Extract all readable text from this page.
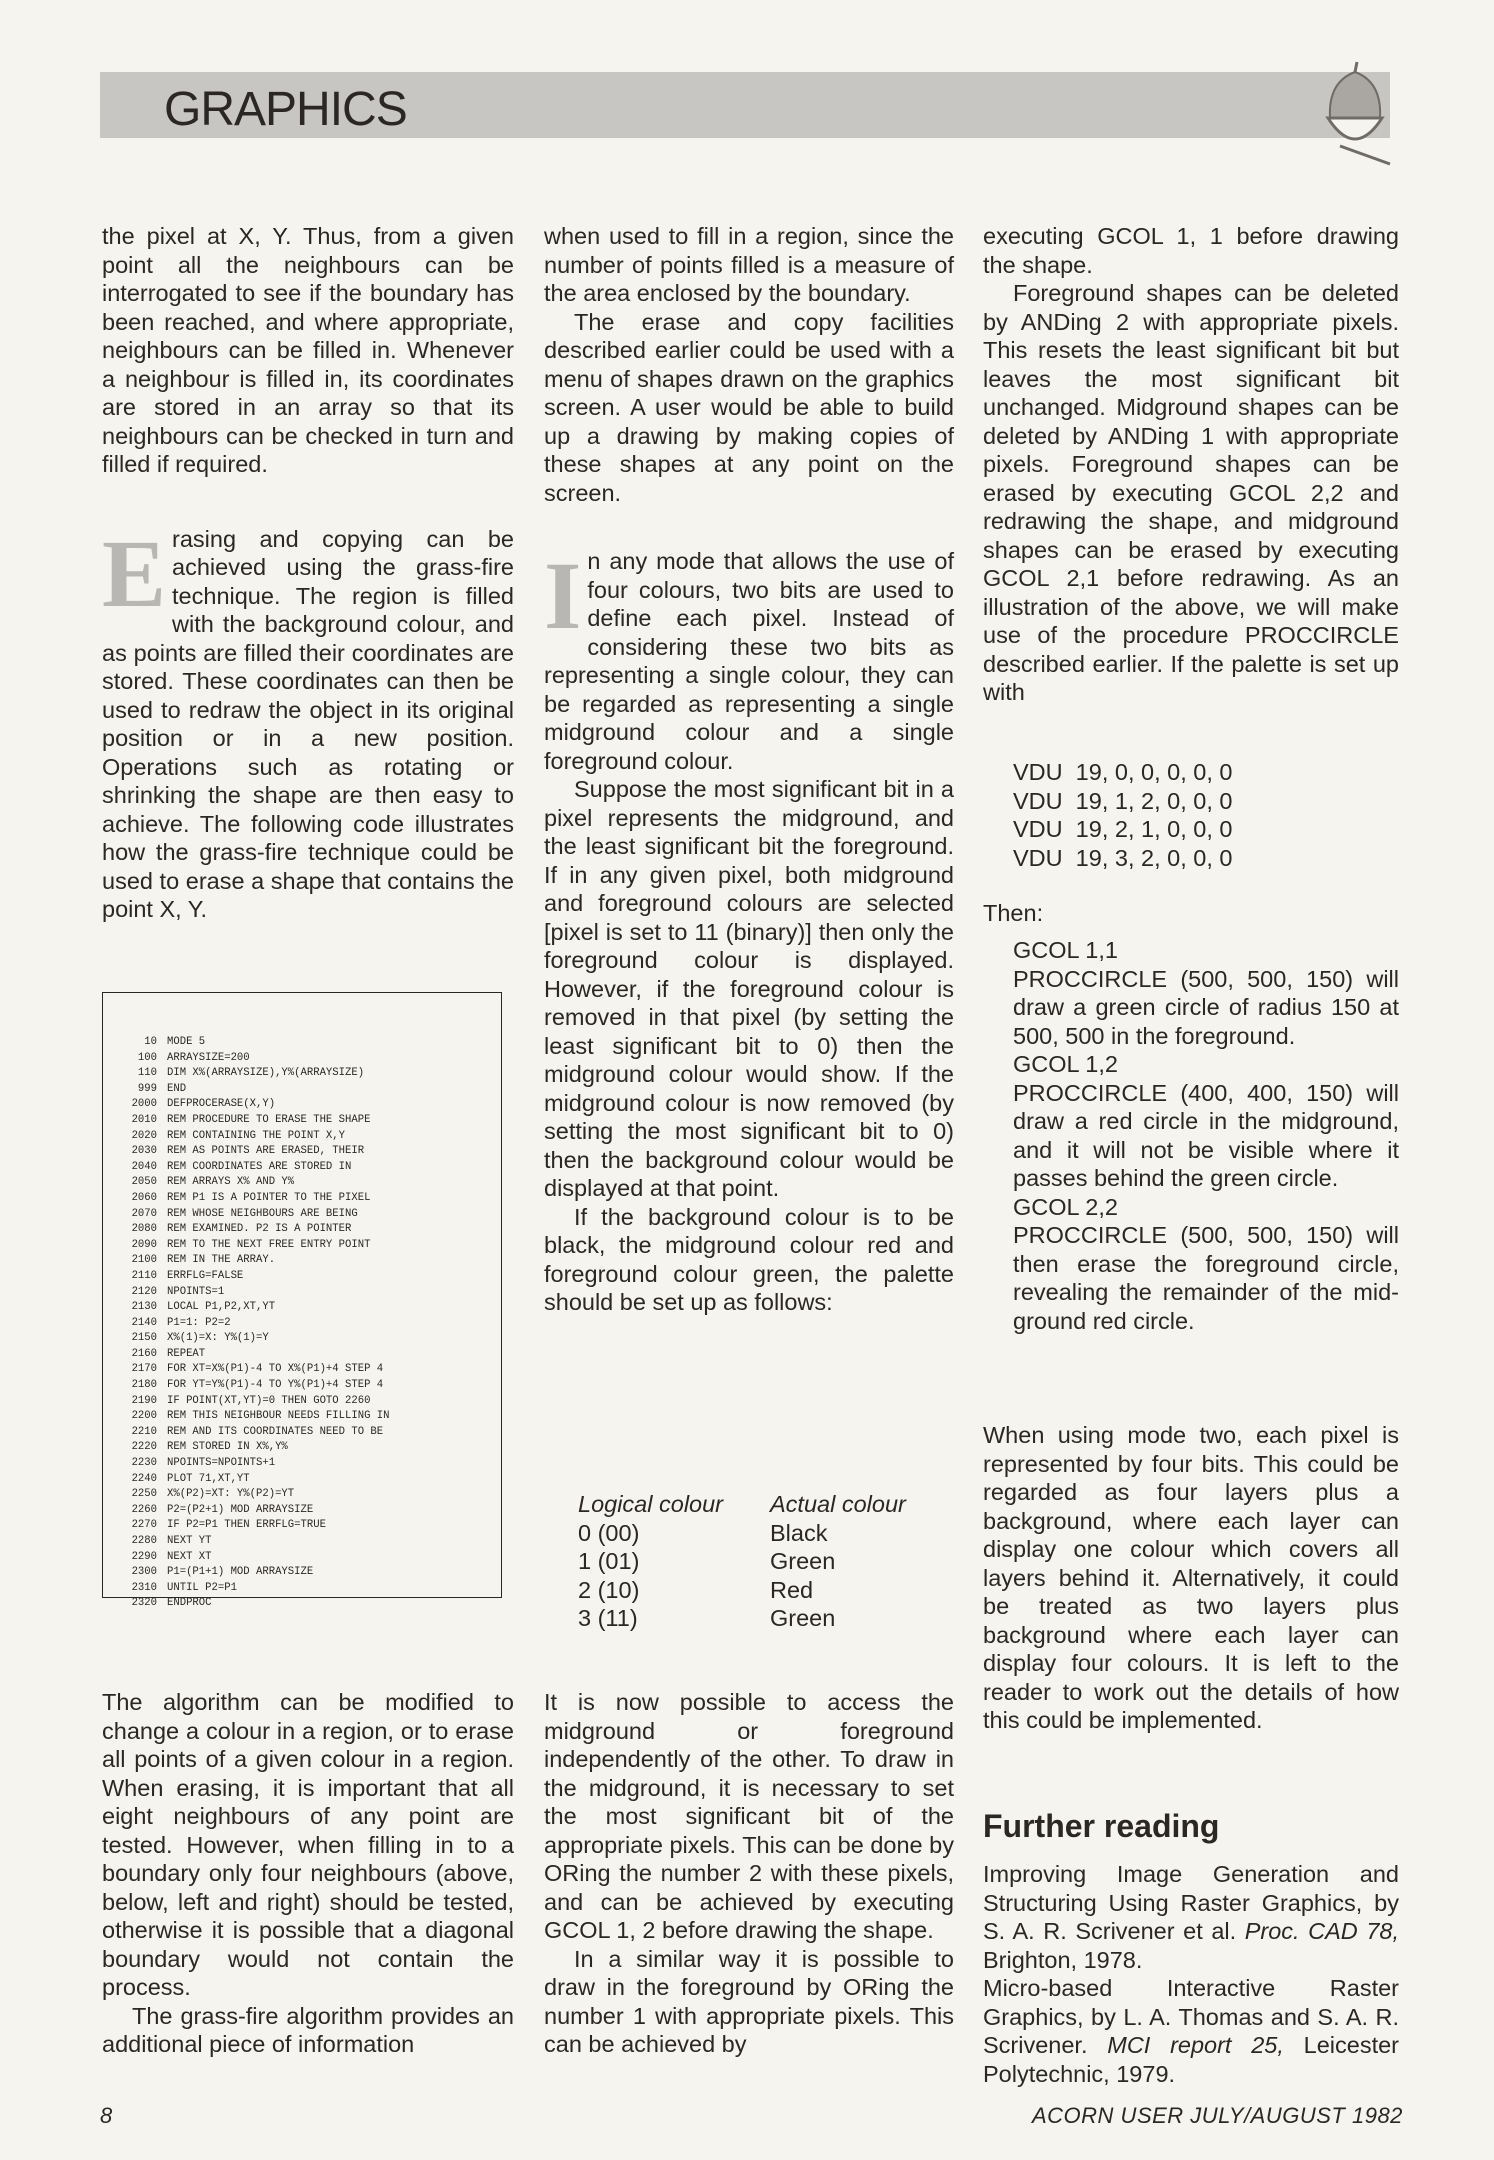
GRAPHICS

the pixel at X, Y. Thus, from a given point all the neighbours can be interrogated to see if the boundary has been reached, and where appropriate, neighbours can be filled in. Whenever a neighbour is filled in, its coordinates are stored in an array so that its neighbours can be checked in turn and filled if required.

Erasing and copying can be achieved using the grass-fire technique. The region is filled with the background colour, and as points are filled their coordinates are stored. These coordinates can then be used to redraw the object in its original position or in a new position. Operations such as rotating or shrinking the shape are then easy to achieve. The following code illustrates how the grass-fire technique could be used to erase a shape that contains the point X, Y.

10 MODE 5
100 ARRAYSIZE=200
110 DIM X%(ARRAYSIZE),Y%(ARRAYSIZE)
999 END
2000 DEFPROCERASE(X,Y)
2010 REM PROCEDURE TO ERASE THE SHAPE
2020 REM CONTAINING THE POINT X,Y
2030 REM AS POINTS ARE ERASED, THEIR
2040 REM COORDINATES ARE STORED IN
2050 REM ARRAYS X% AND Y%
2060 REM P1 IS A POINTER TO THE PIXEL
2070 REM WHOSE NEIGHBOURS ARE BEING
2080 REM EXAMINED. P2 IS A POINTER
2090 REM TO THE NEXT FREE ENTRY POINT
2100 REM IN THE ARRAY.
2110 ERRFLG=FALSE
2120 NPOINTS=1
2130 LOCAL P1,P2,XT,YT
2140 P1=1: P2=2
2150 X%(1)=X: Y%(1)=Y
2160 REPEAT
2170 FOR XT=X%(P1)-4 TO X%(P1)+4 STEP 4
2180 FOR YT=Y%(P1)-4 TO Y%(P1)+4 STEP 4
2190 IF POINT(XT,YT)=0 THEN GOTO 2260
2200 REM THIS NEIGHBOUR NEEDS FILLING IN
2210 REM AND ITS COORDINATES NEED TO BE
2220 REM STORED IN X%,Y%
2230 NPOINTS=NPOINTS+1
2240 PLOT 71,XT,YT
2250 X%(P2)=XT: Y%(P2)=YT
2260 P2=(P2+1) MOD ARRAYSIZE
2270 IF P2=P1 THEN ERRFLG=TRUE
2280 NEXT YT
2290 NEXT XT
2300 P1=(P1+1) MOD ARRAYSIZE
2310 UNTIL P2=P1
2320 ENDPROC

The algorithm can be modified to change a colour in a region, or to erase all points of a given colour in a region. When erasing, it is important that all eight neighbours of any point are tested. However, when filling in to a boundary only four neighbours (above, below, left and right) should be tested, otherwise it is possible that a diagonal boundary would not contain the process.

The grass-fire algorithm provides an additional piece of information

when used to fill in a region, since the number of points filled is a measure of the area enclosed by the boundary.

The erase and copy facilities described earlier could be used with a menu of shapes drawn on the graphics screen. A user would be able to build up a drawing by making copies of these shapes at any point on the screen.

In any mode that allows the use of four colours, two bits are used to define each pixel. Instead of considering these two bits as representing a single colour, they can be regarded as representing a single midground colour and a single foreground colour.

Suppose the most significant bit in a pixel represents the midground, and the least significant bit the foreground. If in any given pixel, both midground and foreground colours are selected [pixel is set to 11 (binary)] then only the foreground colour is displayed. However, if the foreground colour is removed in that pixel (by setting the least significant bit to 0) then the midground colour would show. If the midground colour is now removed (by setting the most significant bit to 0) then the background colour would be displayed at that point.

If the background colour is to be black, the midground colour red and foreground colour green, the palette should be set up as follows:

Logical colour	Actual colour
0 (00)	Black
1 (01)	Green
2 (10)	Red
3 (11)	Green

It is now possible to access the midground or foreground independently of the other. To draw in the midground, it is necessary to set the most significant bit of the appropriate pixels. This can be done by ORing the number 2 with these pixels, and can be achieved by executing GCOL 1, 2 before drawing the shape.

In a similar way it is possible to draw in the foreground by ORing the number 1 with appropriate pixels. This can be achieved by

executing GCOL 1, 1 before drawing the shape.

Foreground shapes can be deleted by ANDing 2 with appropriate pixels. This resets the least significant bit but leaves the most significant bit unchanged. Midground shapes can be deleted by ANDing 1 with appropriate pixels. Foreground shapes can be erased by executing GCOL 2,2 and redrawing the shape, and midground shapes can be erased by executing GCOL 2,1 before redrawing. As an illustration of the above, we will make use of the procedure PROCCIRCLE described earlier. If the palette is set up with

VDU  19, 0, 0, 0, 0, 0
VDU  19, 1, 2, 0, 0, 0
VDU  19, 2, 1, 0, 0, 0
VDU  19, 3, 2, 0, 0, 0
Then:

GCOL 1,1

PROCCIRCLE (500, 500, 150) will draw a green circle of radius 150 at 500, 500 in the foreground.

GCOL 1,2

PROCCIRCLE (400, 400, 150) will draw a red circle in the midground, and it will not be visible where it passes behind the green circle.

GCOL 2,2

PROCCIRCLE (500, 500, 150) will then erase the foreground circle, revealing the remainder of the mid-ground red circle.

When using mode two, each pixel is represented by four bits. This could be regarded as four layers plus a background, where each layer can display one colour which covers all layers behind it. Alternatively, it could be treated as two layers plus background where each layer can display four colours. It is left to the reader to work out the details of how this could be implemented.

Further reading

Improving Image Generation and Structuring Using Raster Graphics, by S. A. R. Scrivener et al. Proc. CAD 78, Brighton, 1978.

Micro-based Interactive Raster Graphics, by L. A. Thomas and S. A. R. Scrivener. MCI report 25, Leicester Polytechnic, 1979.

8	ACORN USER JULY/AUGUST 1982
